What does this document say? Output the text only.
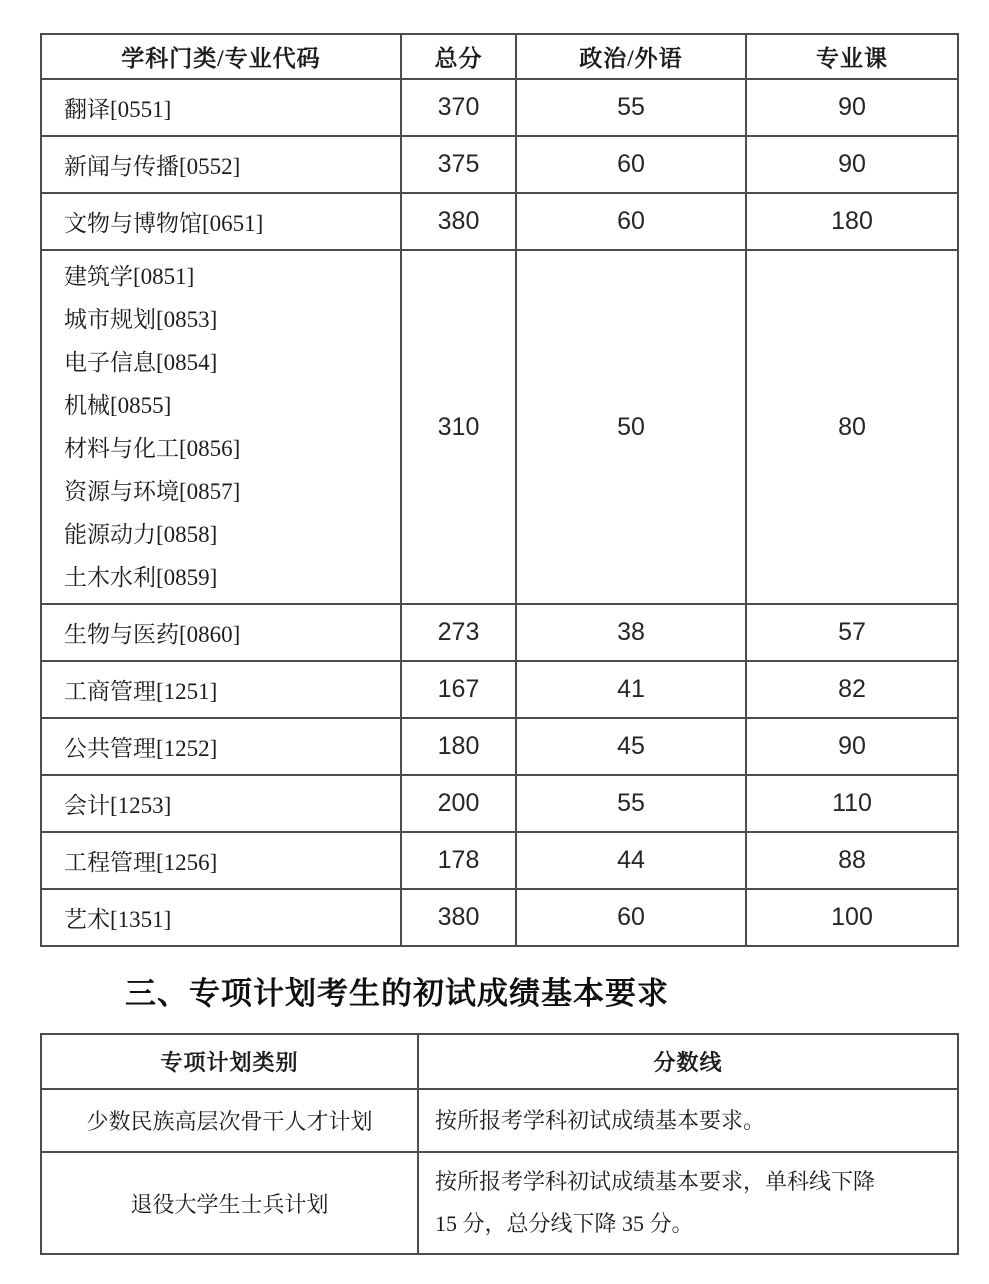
学科门类/专业代码	总分	政治/外语	专业课

翻译[0551]	370	55	90

新闻与传播[0552]	375	60	90

文物与博物馆[0651]	380	60	180

建筑学[0851]
城市规划[0853]
电子信息[0854]
机械[0855]
材料与化工[0856]
资源与环境[0857]
能源动力[0858]
土木水利[0859]
	310	50	80

生物与医药[0860]	273	38	57

工商管理[1251]	167	41	82

公共管理[1252]	180	45	90

会计[1253]	200	55	110

工程管理[1256]	178	44	88

艺术[1351]	380	60	100
三、专项计划考生的初试成绩基本要求
专项计划类别	分数线
少数民族高层次骨干人才计划	按所报考学科初试成绩基本要求。

退役大学生士兵计划	按所报考学科初试成绩基本要求，单科线下降
15 分，总分线下降 35 分。
